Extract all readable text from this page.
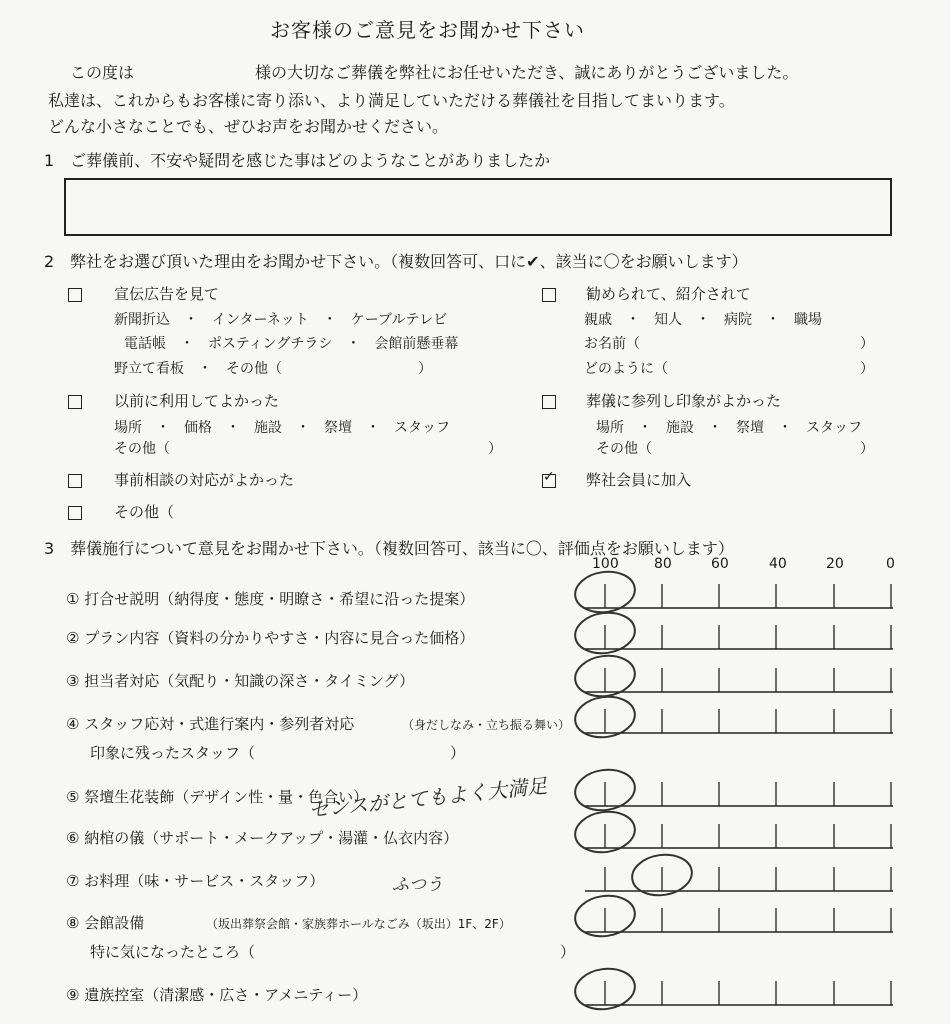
お客様のご意見をお聞かせ下さい
この度は	様の大切なご葬儀を弊社にお任せいただき、誠にありがとうございました。
私達は、これからもお客様に寄り添い、より満足していただける葬儀社を目指してまいります。
どんな小さなことでも、ぜひお声をお聞かせください。
1　ご葬儀前、不安や疑問を感じた事はどのようなことがありましたか
2　弊社をお選び頂いた理由をお聞かせ下さい。（複数回答可、口に✔、該当に〇をお願いします）
宣伝広告を見て
新聞折込　・　インターネット　・　ケーブルテレビ
電話帳　・　ポスティングチラシ　・　会館前懸垂幕
野立て看板　・　その他（	）
以前に利用してよかった
場所　・　価格　・　施設　・　祭壇　・　スタッフ
その他（	）
事前相談の対応がよかった
その他（
勧められて、紹介されて
親戚　・　知人　・　病院　・　職場
お名前（	）
どのように（	）
葬儀に参列し印象がよかった
場所　・　施設　・　祭壇　・　スタッフ
その他（	）
✓ 弊社会員に加入
3　葬儀施行について意見をお聞かせ下さい。（複数回答可、該当に〇、評価点をお願いします）
100	80	60	40	20	0
① 打合せ説明（納得度・態度・明瞭さ・希望に沿った提案）
② プラン内容（資料の分かりやすさ・内容に見合った価格）
③ 担当者対応（気配り・知識の深さ・タイミング）
④ スタッフ応対・式進行案内・参列者対応	（身だしなみ・立ち振る舞い）
印象に残ったスタッフ（	）
⑤ 祭壇生花装飾（デザイン性・量・色合い）
⑥ 納棺の儀（サポート・メークアップ・湯灌・仏衣内容）
⑦ お料理（味・サービス・スタッフ）
⑧ 会館設備	（坂出葬祭会館・家族葬ホールなごみ（坂出）1F、2F）
特に気になったところ（	）
⑨ 遺族控室（清潔感・広さ・アメニティー）
センスがとてもよく大満足
ふつう
